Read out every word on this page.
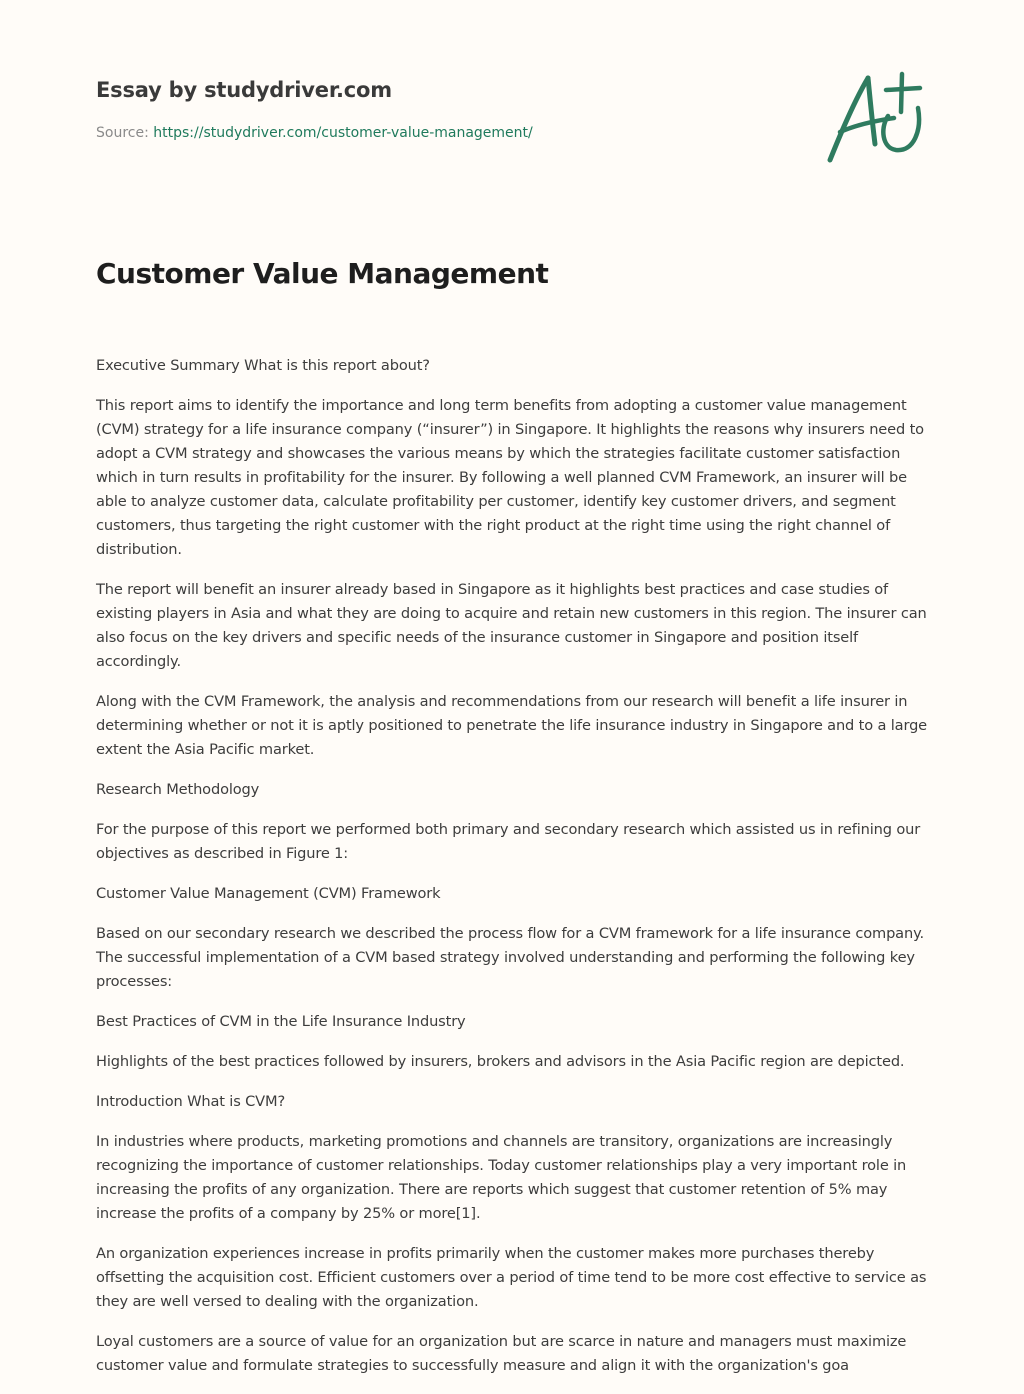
Essay by studydriver.com
Source: https://studydriver.com/customer-value-management/
A+
Customer Value Management

Executive Summary What is this report about?

This report aims to identify the importance and long term benefits from adopting a customer value management (CVM) strategy for a life insurance company (“insurer”) in Singapore. It highlights the reasons why insurers need to adopt a CVM strategy and showcases the various means by which the strategies facilitate customer satisfaction which in turn results in profitability for the insurer. By following a well planned CVM Framework, an insurer will be able to analyze customer data, calculate profitability per customer, identify key customer drivers, and segment customers, thus targeting the right customer with the right product at the right time using the right channel of distribution.

The report will benefit an insurer already based in Singapore as it highlights best practices and case studies of existing players in Asia and what they are doing to acquire and retain new customers in this region. The insurer can also focus on the key drivers and specific needs of the insurance customer in Singapore and position itself accordingly.

Along with the CVM Framework, the analysis and recommendations from our research will benefit a life insurer in determining whether or not it is aptly positioned to penetrate the life insurance industry in Singapore and to a large extent the Asia Pacific market.

Research Methodology

For the purpose of this report we performed both primary and secondary research which assisted us in refining our objectives as described in Figure 1:

Customer Value Management (CVM) Framework

Based on our secondary research we described the process flow for a CVM framework for a life insurance company. The successful implementation of a CVM based strategy involved understanding and performing the following key processes:

Best Practices of CVM in the Life Insurance Industry

Highlights of the best practices followed by insurers, brokers and advisors in the Asia Pacific region are depicted.

Introduction What is CVM?

In industries where products, marketing promotions and channels are transitory, organizations are increasingly recognizing the importance of customer relationships. Today customer relationships play a very important role in increasing the profits of any organization. There are reports which suggest that customer retention of 5% may increase the profits of a company by 25% or more[1].

An organization experiences increase in profits primarily when the customer makes more purchases thereby offsetting the acquisition cost. Efficient customers over a period of time tend to be more cost effective to service as they are well versed to dealing with the organization.

Loyal customers are a source of value for an organization but are scarce in nature and managers must maximize customer value and formulate strategies to successfully measure and align it with the organization's goa
